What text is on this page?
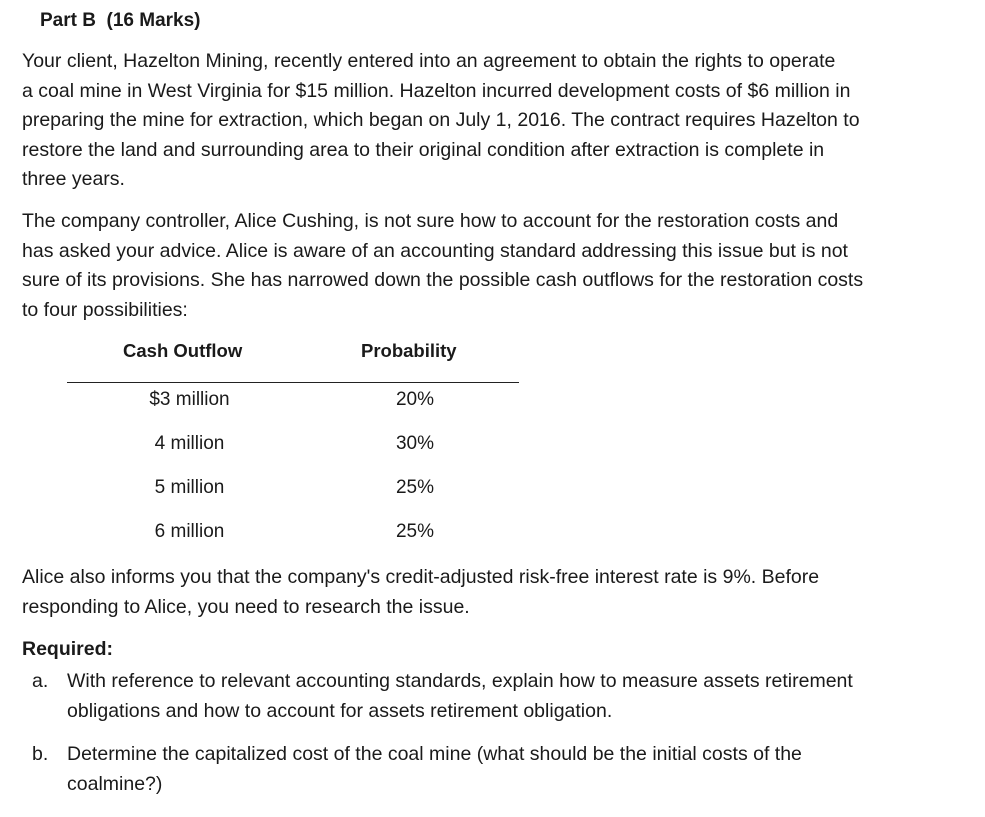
Part B  (16 Marks)

Your client, Hazelton Mining, recently entered into an agreement to obtain the rights to operate
a coal mine in West Virginia for $15 million. Hazelton incurred development costs of $6 million in
preparing the mine for extraction, which began on July 1, 2016. The contract requires Hazelton to
restore the land and surrounding area to their original condition after extraction is complete in
three years.

The company controller, Alice Cushing, is not sure how to account for the restoration costs and
has asked your advice. Alice is aware of an accounting standard addressing this issue but is not
sure of its provisions. She has narrowed down the possible cash outflows for the restoration costs
to four possibilities:

Cash Outflow	Probability
$3 million	20%
4 million	30%
5 million	25%
6 million	25%

Alice also informs you that the company's credit-adjusted risk-free interest rate is 9%. Before
responding to Alice, you need to research the issue.

Required:
a. With reference to relevant accounting standards, explain how to measure assets retirement
obligations and how to account for assets retirement obligation.
b. Determine the capitalized cost of the coal mine (what should be the initial costs of the
coalmine?)
